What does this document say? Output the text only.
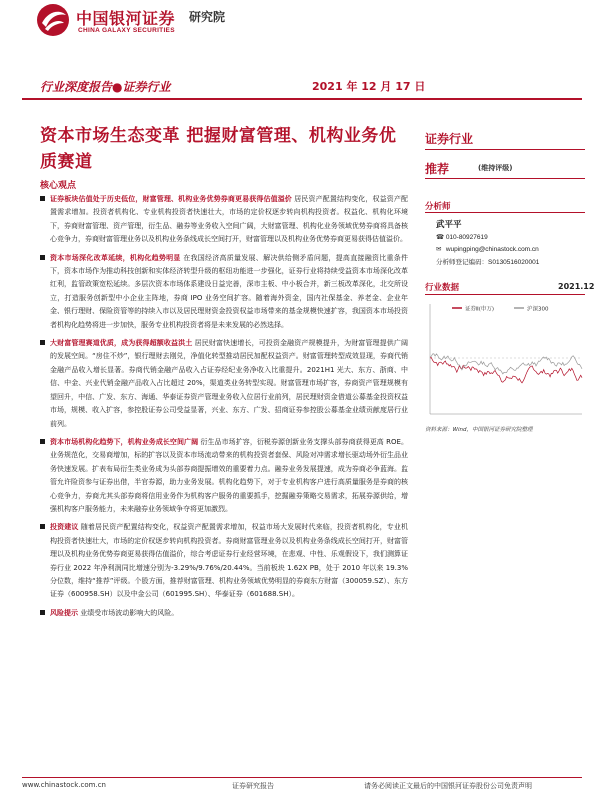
中国银河证券
CHINA GALAXY SECURITIES
研究院
行业深度报告●证券行业	2021 年 12 月 17 日
资本市场生态变革 把握财富管理、机构业务优质赛道
核心观点
证券板块估值处于历史低位，财富管理、机构业务优势券商更易获得估值溢价 居民资产配置结构变化，权益资产配置需求增加。投资者机构化、专业机构投资者快速壮大，市场的定价权逐步转向机构投资者。权益化、机构化环境下，券商财富管理、资产管理，衍生品、融券等业务收入空间广阔，大财富管理、机构化业务领域优势券商将具备核心竞争力，券商财富管理业务以及机构业务条线成长空间打开，财富管理以及机构业务优势券商更易获得估值溢价。
资本市场深化改革延续，机构化趋势明显 在我国经济高质量发展、解决供给侧矛盾问题，提高直接融资比重条件下，资本市场作为推动科技创新和实体经济转型升级的枢纽功能进一步强化，证券行业将持续受益资本市场深化改革红利，监管政策宽松延续。多层次资本市场体系建设日益完善，深市主板、中小板合并，新三板改革深化，北交所设立，打造服务创新型中小企业主阵地，券商 IPO 业务空间扩容。随着海外资金，国内社保基金、养老金、企业年金、银行理财、保险资管等的持续入市以及居民理财资金投资权益市场带来的基金规模快速扩容，我国资本市场投资者机构化趋势将进一步加快，服务专业机构投资者将是未来发展的必然选择。
大财富管理赛道优质，成为获得超额收益洪土 居民财富快速增长，可投资金融资产规模提升，为财富管理提供广阔的发展空间。“房住不炒”，银行理财去刚兑，净值化转型推动居民加配权益资产。财富管理转型成效显现，券商代销金融产品收入增长显著。券商代销金融产品收入占证券经纪业务净收入比重提升。2021H1 光大、东方、浙商、中信、中金、兴业代销金融产品收入占比超过 20%，渠道类业务转型实现。财富管理市场扩容，券商资产管理规模有望回升，中信、广发、东方、海通、华泰证券资产管理业务收入位居行业前列，居民理财资金借道公募基金投资权益市场，规模、收入扩容，参控股证券公司受益显著，兴业、东方、广发、招商证券参控股公募基金业绩贡献度居行业前列。
资本市场机构化趋势下，机构业务成长空间广阔 衍生品市场扩容，衍税券源创新业务支撑头部券商获得更高 ROE。业务规范化，交易商增加，标的扩容以及资本市场流动带来的机构投资者套保、风险对冲需求增长驱动场外衍生品业务快速发展。扩表布局衍生类业务成为头部券商提振增效的重要着力点。融券业务发展提速，成为券商必争蓝海。监管允许险资参与证券出借，半官券源，助力业务发展。机构化趋势下，对于专业机构客户进行高质量服务是券商的核心竞争力，券商尤其头部券商将信用业务作为机构客户服务的重要抓手，挖掘融券策略交易需求，拓展券源供给，增强机构客户服务能力，未来融券业务领域争夺将更加激烈。
投资建议 随着居民资产配置结构变化，权益资产配置需求增加，权益市场大发展时代来临，投资者机构化，专业机构投资者快速壮大，市场的定价权逐步转向机构投资者。券商财富管理业务以及机构业务条线成长空间打开，财富管理以及机构业务优势券商更易获得估值溢价，综合考虑证券行业经营环境，在悲观、中性、乐观假设下，我们测算证券行业 2022 年净利润同比增速分别为-3.29%/9.76%/20.44%。当前板块 1.62X PB，处于 2010 年以来 19.3%分位数，维持“推荐”评级。个股方面，推荐财富管理、机构业务领域优势明显的券商东方财富（300059.SZ）、东方证券（600958.SH）以及中金公司（601995.SH）、华泰证券（601688.SH）。
风险提示 业绩受市场波动影响大的风险。
证券行业
推荐	(维持评级)
分析师
武平平
☎ 010-80927619
✉ wupingping@chinastock.com.cn
分析师登记编码：S0130516020001
行业数据	2021.12
证券Ⅱ(申万)	沪深300
资料来源：Wind，中国银河证券研究院整理
www.chinastock.com.cn	证券研究报告	请务必阅读正文最后的中国银河证券股份公司免责声明
